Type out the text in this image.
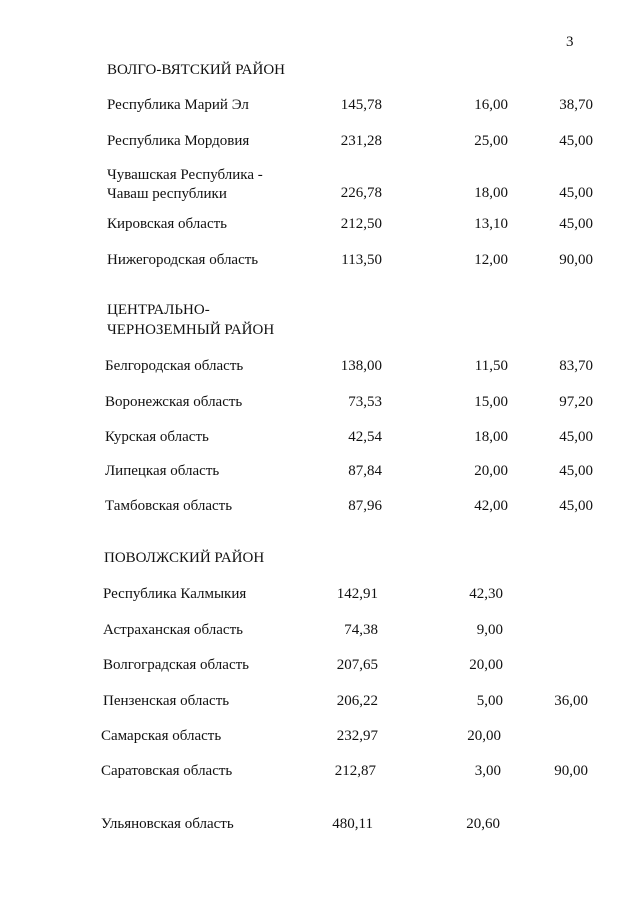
3
ВОЛГО-ВЯТСКИЙ РАЙОН
Республика Марий Эл	145,78	16,00	38,70
Республика Мордовия	231,28	25,00	45,00
Чувашская Республика - Чаваш республики	226,78	18,00	45,00
Кировская область	212,50	13,10	45,00
Нижегородская область	113,50	12,00	90,00
ЦЕНТРАЛЬНО- ЧЕРНОЗЕМНЫЙ РАЙОН
Белгородская область	138,00	11,50	83,70
Воронежская область	73,53	15,00	97,20
Курская область	42,54	18,00	45,00
Липецкая область	87,84	20,00	45,00
Тамбовская область	87,96	42,00	45,00
ПОВОЛЖСКИЙ РАЙОН
Республика Калмыкия	142,91	42,30
Астраханская область	74,38	9,00
Волгоградская область	207,65	20,00
Пензенская область	206,22	5,00	36,00
Самарская область	232,97	20,00
Саратовская область	212,87	3,00	90,00
Ульяновская область	480,11	20,60
